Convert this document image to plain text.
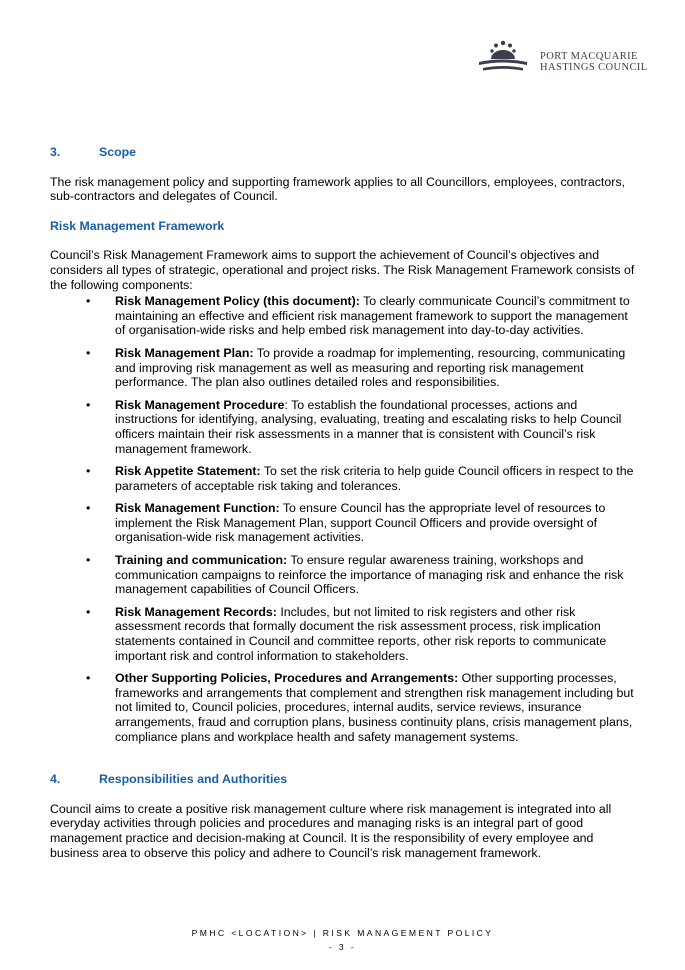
PORT MACQUARIE
HASTINGS COUNCIL
3.	Scope

The risk management policy and supporting framework applies to all Councillors, employees, contractors, sub-contractors and delegates of Council.

Risk Management Framework

Council’s Risk Management Framework aims to support the achievement of Council’s objectives and considers all types of strategic, operational and project risks. The Risk Management Framework consists of the following components:

• Risk Management Policy (this document): To clearly communicate Council’s commitment to maintaining an effective and efficient risk management framework to support the management of organisation-wide risks and help embed risk management into day-to-day activities.
• Risk Management Plan: To provide a roadmap for implementing, resourcing, communicating and improving risk management as well as measuring and reporting risk management performance. The plan also outlines detailed roles and responsibilities.
• Risk Management Procedure: To establish the foundational processes, actions and instructions for identifying, analysing, evaluating, treating and escalating risks to help Council officers maintain their risk assessments in a manner that is consistent with Council’s risk management framework.
• Risk Appetite Statement: To set the risk criteria to help guide Council officers in respect to the parameters of acceptable risk taking and tolerances.
• Risk Management Function: To ensure Council has the appropriate level of resources to implement the Risk Management Plan, support Council Officers and provide oversight of organisation-wide risk management activities.
• Training and communication: To ensure regular awareness training, workshops and communication campaigns to reinforce the importance of managing risk and enhance the risk management capabilities of Council Officers.
• Risk Management Records: Includes, but not limited to risk registers and other risk assessment records that formally document the risk assessment process, risk implication statements contained in Council and committee reports, other risk reports to communicate important risk and control information to stakeholders.
• Other Supporting Policies, Procedures and Arrangements: Other supporting processes, frameworks and arrangements that complement and strengthen risk management including but not limited to, Council policies, procedures, internal audits, service reviews, insurance arrangements, fraud and corruption plans, business continuity plans, crisis management plans, compliance plans and workplace health and safety management systems.
4.	Responsibilities and Authorities

Council aims to create a positive risk management culture where risk management is integrated into all everyday activities through policies and procedures and managing risks is an integral part of good management practice and decision-making at Council. It is the responsibility of every employee and business area to observe this policy and adhere to Council’s risk management framework.

PMHC <LOCATION> | RISK MANAGEMENT POLICY
- 3 -
